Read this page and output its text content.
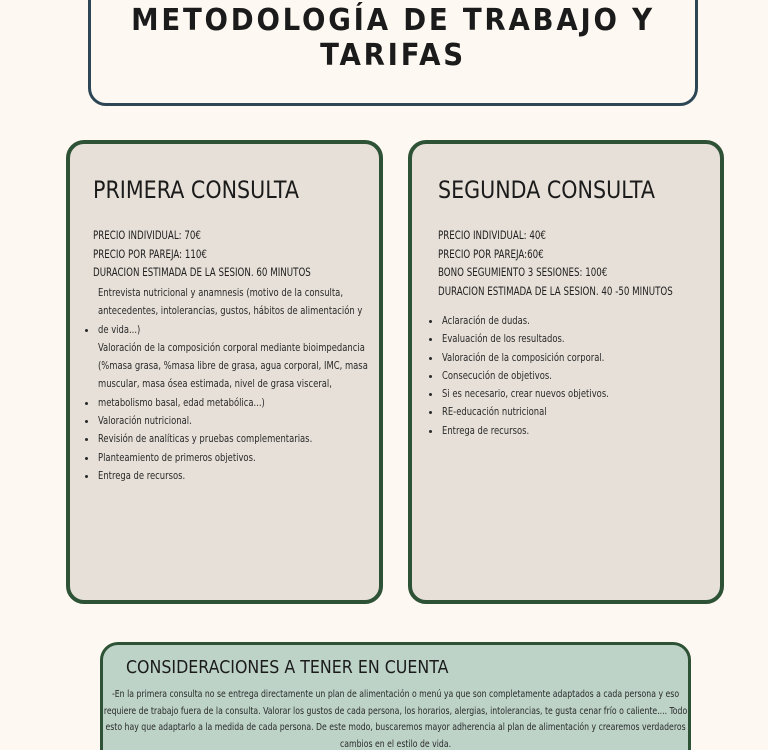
METODOLOGÍA DE TRABAJO Y TARIFAS
PRIMERA CONSULTA
PRECIO INDIVIDUAL: 70€
PRECIO POR PAREJA: 110€
DURACION ESTIMADA DE LA SESION. 60 MINUTOS
• Entrevista nutricional y anamnesis (motivo de la consulta, antecedentes, intolerancias, gustos, hábitos de alimentación y de vida...)
• Valoración de la composición corporal mediante bioimpedancia (%masa grasa, %masa libre de grasa, agua corporal, IMC, masa muscular, masa ósea estimada, nivel de grasa visceral, metabolismo basal, edad metabólica...)
• Valoración nutricional.
• Revisión de analíticas y pruebas complementarias.
• Planteamiento de primeros objetivos.
• Entrega de recursos.
SEGUNDA CONSULTA
PRECIO INDIVIDUAL: 40€
PRECIO POR PAREJA:60€
BONO SEGUMIENTO 3 SESIONES: 100€
DURACION ESTIMADA DE LA SESION. 40 -50 MINUTOS
• Aclaración de dudas.
• Evaluación de los resultados.
• Valoración de la composición corporal.
• Consecución de objetivos.
• Si es necesario, crear nuevos objetivos.
• RE-educación nutricional
• Entrega de recursos.
CONSIDERACIONES A TENER EN CUENTA

-En la primera consulta no se entrega directamente un plan de alimentación o menú ya que son completamente adaptados a cada persona y eso requiere de trabajo fuera de la consulta. Valorar los gustos de cada persona, los horarios, alergias, intolerancias, te gusta cenar frío o caliente.... Todo esto hay que adaptarlo a la medida de cada persona. De este modo, buscaremos mayor adherencia al plan de alimentación y crearemos verdaderos cambios en el estilo de vida.
